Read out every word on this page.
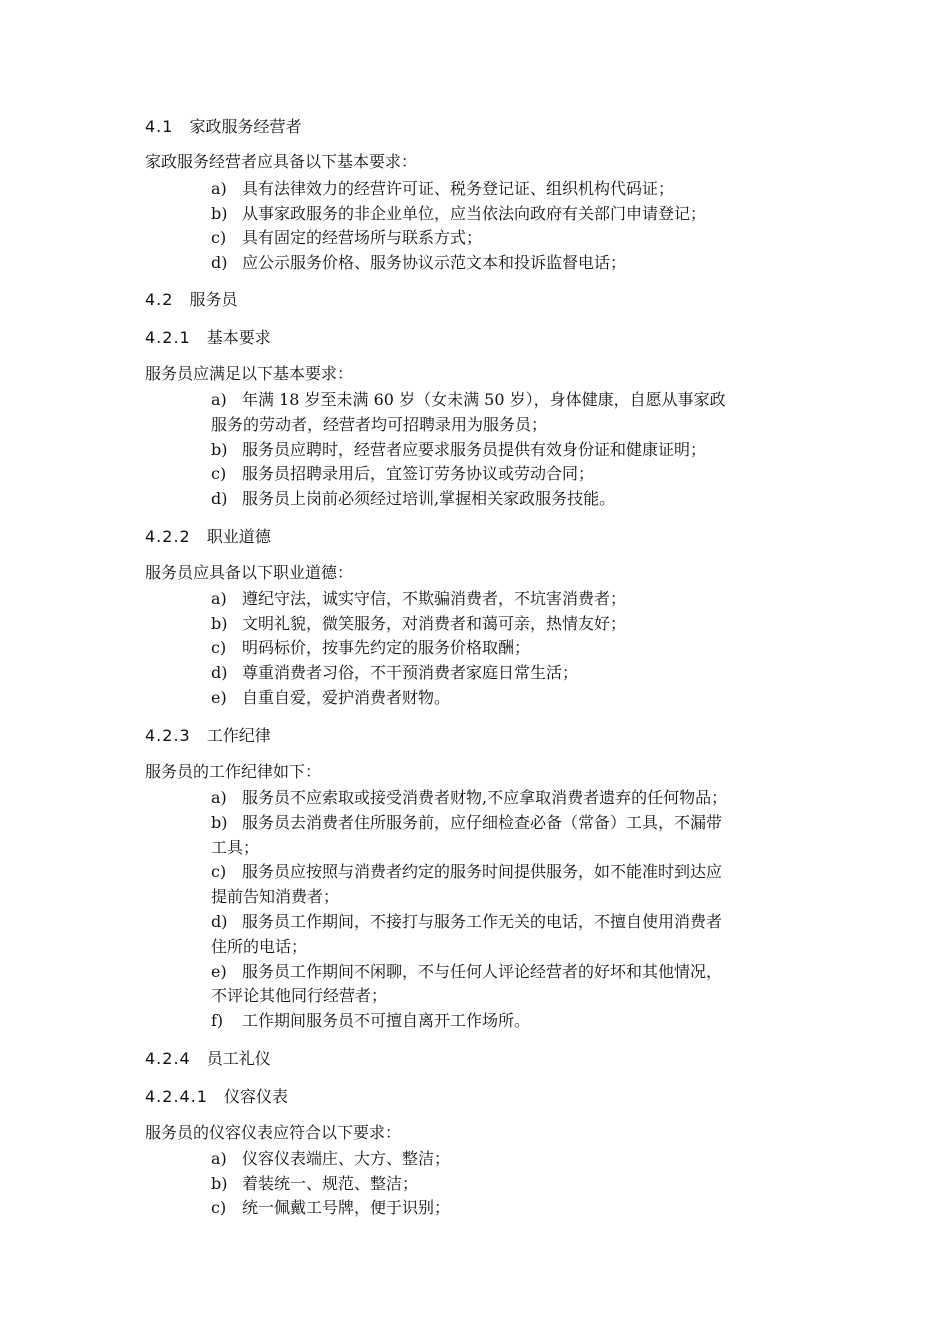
4.1 家政服务经营者
家政服务经营者应具备以下基本要求：
a) 具有法律效力的经营许可证、税务登记证、组织机构代码证；
b) 从事家政服务的非企业单位，应当依法向政府有关部门申请登记；
c) 具有固定的经营场所与联系方式；
d) 应公示服务价格、服务协议示范文本和投诉监督电话；
4.2 服务员
4.2.1 基本要求
服务员应满足以下基本要求：
a) 年满 18 岁至未满 60 岁（女未满 50 岁），身体健康，自愿从事家政
服务的劳动者，经营者均可招聘录用为服务员；
b) 服务员应聘时，经营者应要求服务员提供有效身份证和健康证明；
c) 服务员招聘录用后，宜签订劳务协议或劳动合同；
d) 服务员上岗前必须经过培训,掌握相关家政服务技能。
4.2.2 职业道德
服务员应具备以下职业道德：
a) 遵纪守法，诚实守信，不欺骗消费者，不坑害消费者；
b) 文明礼貌，微笑服务，对消费者和蔼可亲，热情友好；
c) 明码标价，按事先约定的服务价格取酬；
d) 尊重消费者习俗，不干预消费者家庭日常生活；
e) 自重自爱，爱护消费者财物。
4.2.3 工作纪律
服务员的工作纪律如下：
a) 服务员不应索取或接受消费者财物,不应拿取消费者遗弃的任何物品；
b) 服务员去消费者住所服务前，应仔细检查必备（常备）工具，不漏带
工具；
c) 服务员应按照与消费者约定的服务时间提供服务，如不能准时到达应
提前告知消费者；
d) 服务员工作期间，不接打与服务工作无关的电话，不擅自使用消费者
住所的电话；
e) 服务员工作期间不闲聊，不与任何人评论经营者的好坏和其他情况，
不评论其他同行经营者；
f) 工作期间服务员不可擅自离开工作场所。
4.2.4 员工礼仪
4.2.4.1 仪容仪表
服务员的仪容仪表应符合以下要求：
a) 仪容仪表端庄、大方、整洁；
b) 着装统一、规范、整洁；
c) 统一佩戴工号牌，便于识别；
